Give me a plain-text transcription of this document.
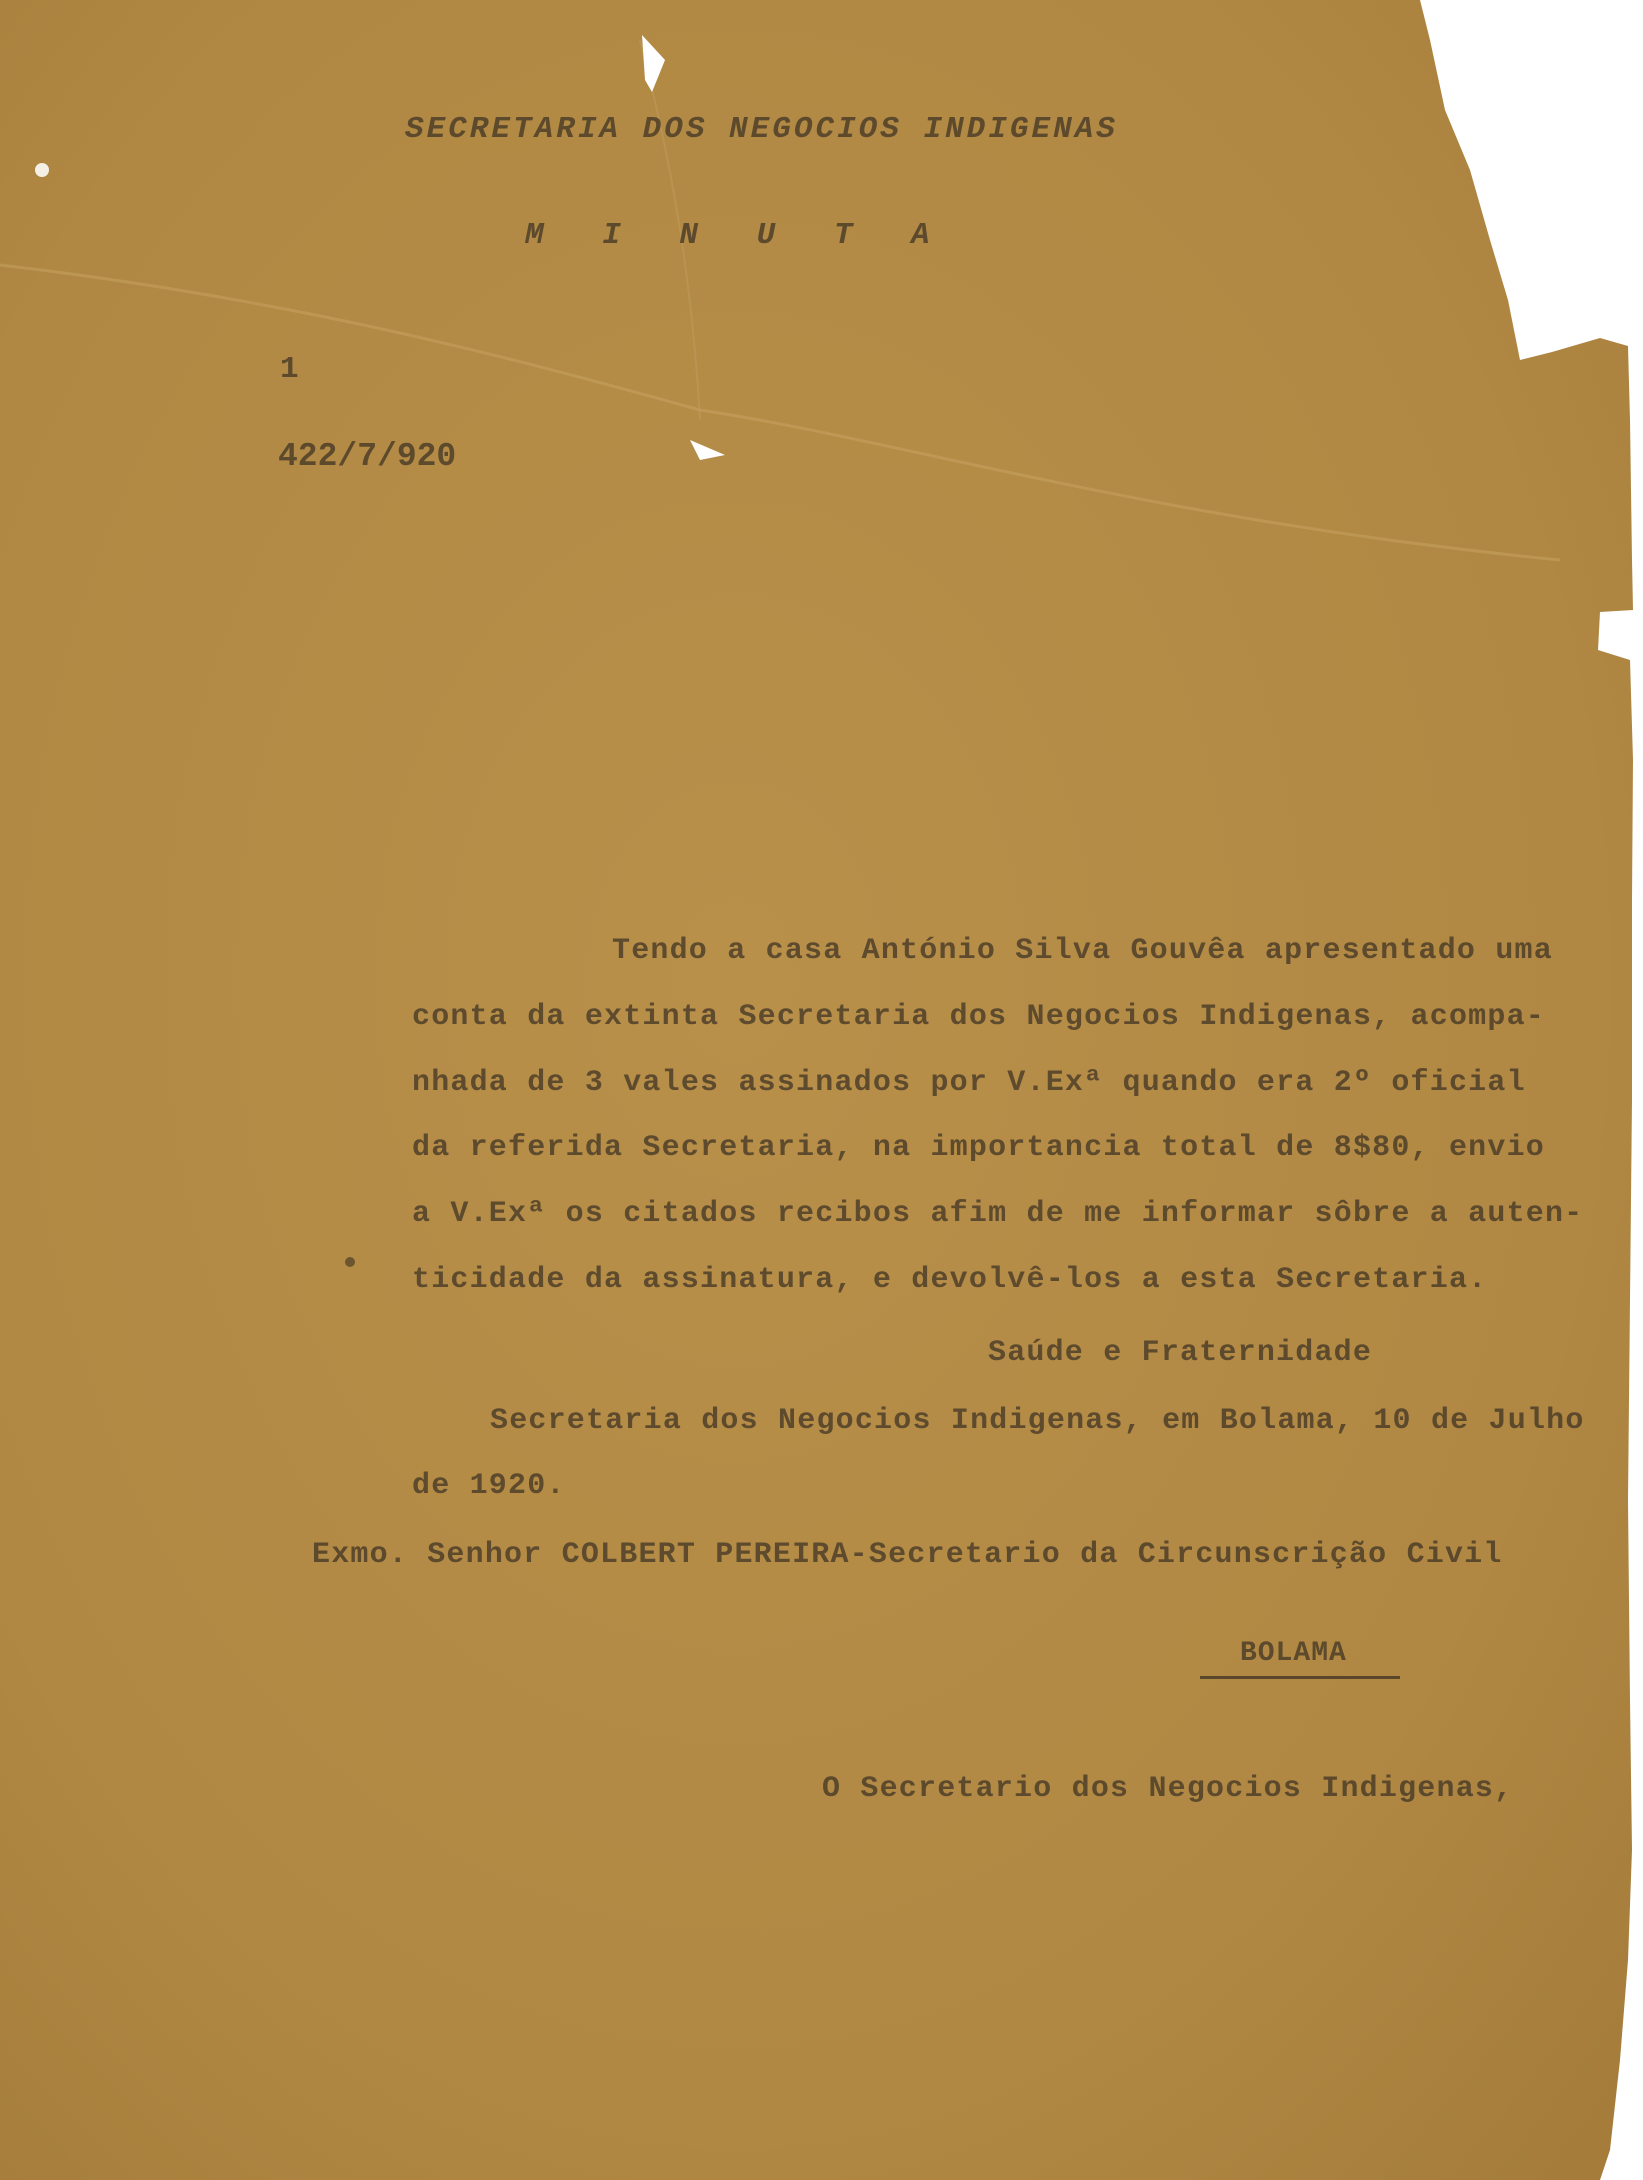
SECRETARIA DOS NEGOCIOS INDIGENAS
M I N U T A
1
422/7/920
Tendo a casa António Silva Gouvêa apresentado uma
conta da extinta Secretaria dos Negocios Indigenas, acompa-
nhada de 3 vales assinados por V.Exª quando era 2º oficial
da referida Secretaria, na importancia total de 8$80, envio
a V.Exª os citados recibos afim de me informar sôbre a auten-
ticidade da assinatura, e devolvê-los a esta Secretaria.
Saúde e Fraternidade
Secretaria dos Negocios Indigenas, em Bolama, 10 de Julho
de 1920.
Exmo. Senhor COLBERT PEREIRA-Secretario da Circunscrição Civil
BOLAMA
O Secretario dos Negocios Indigenas,
